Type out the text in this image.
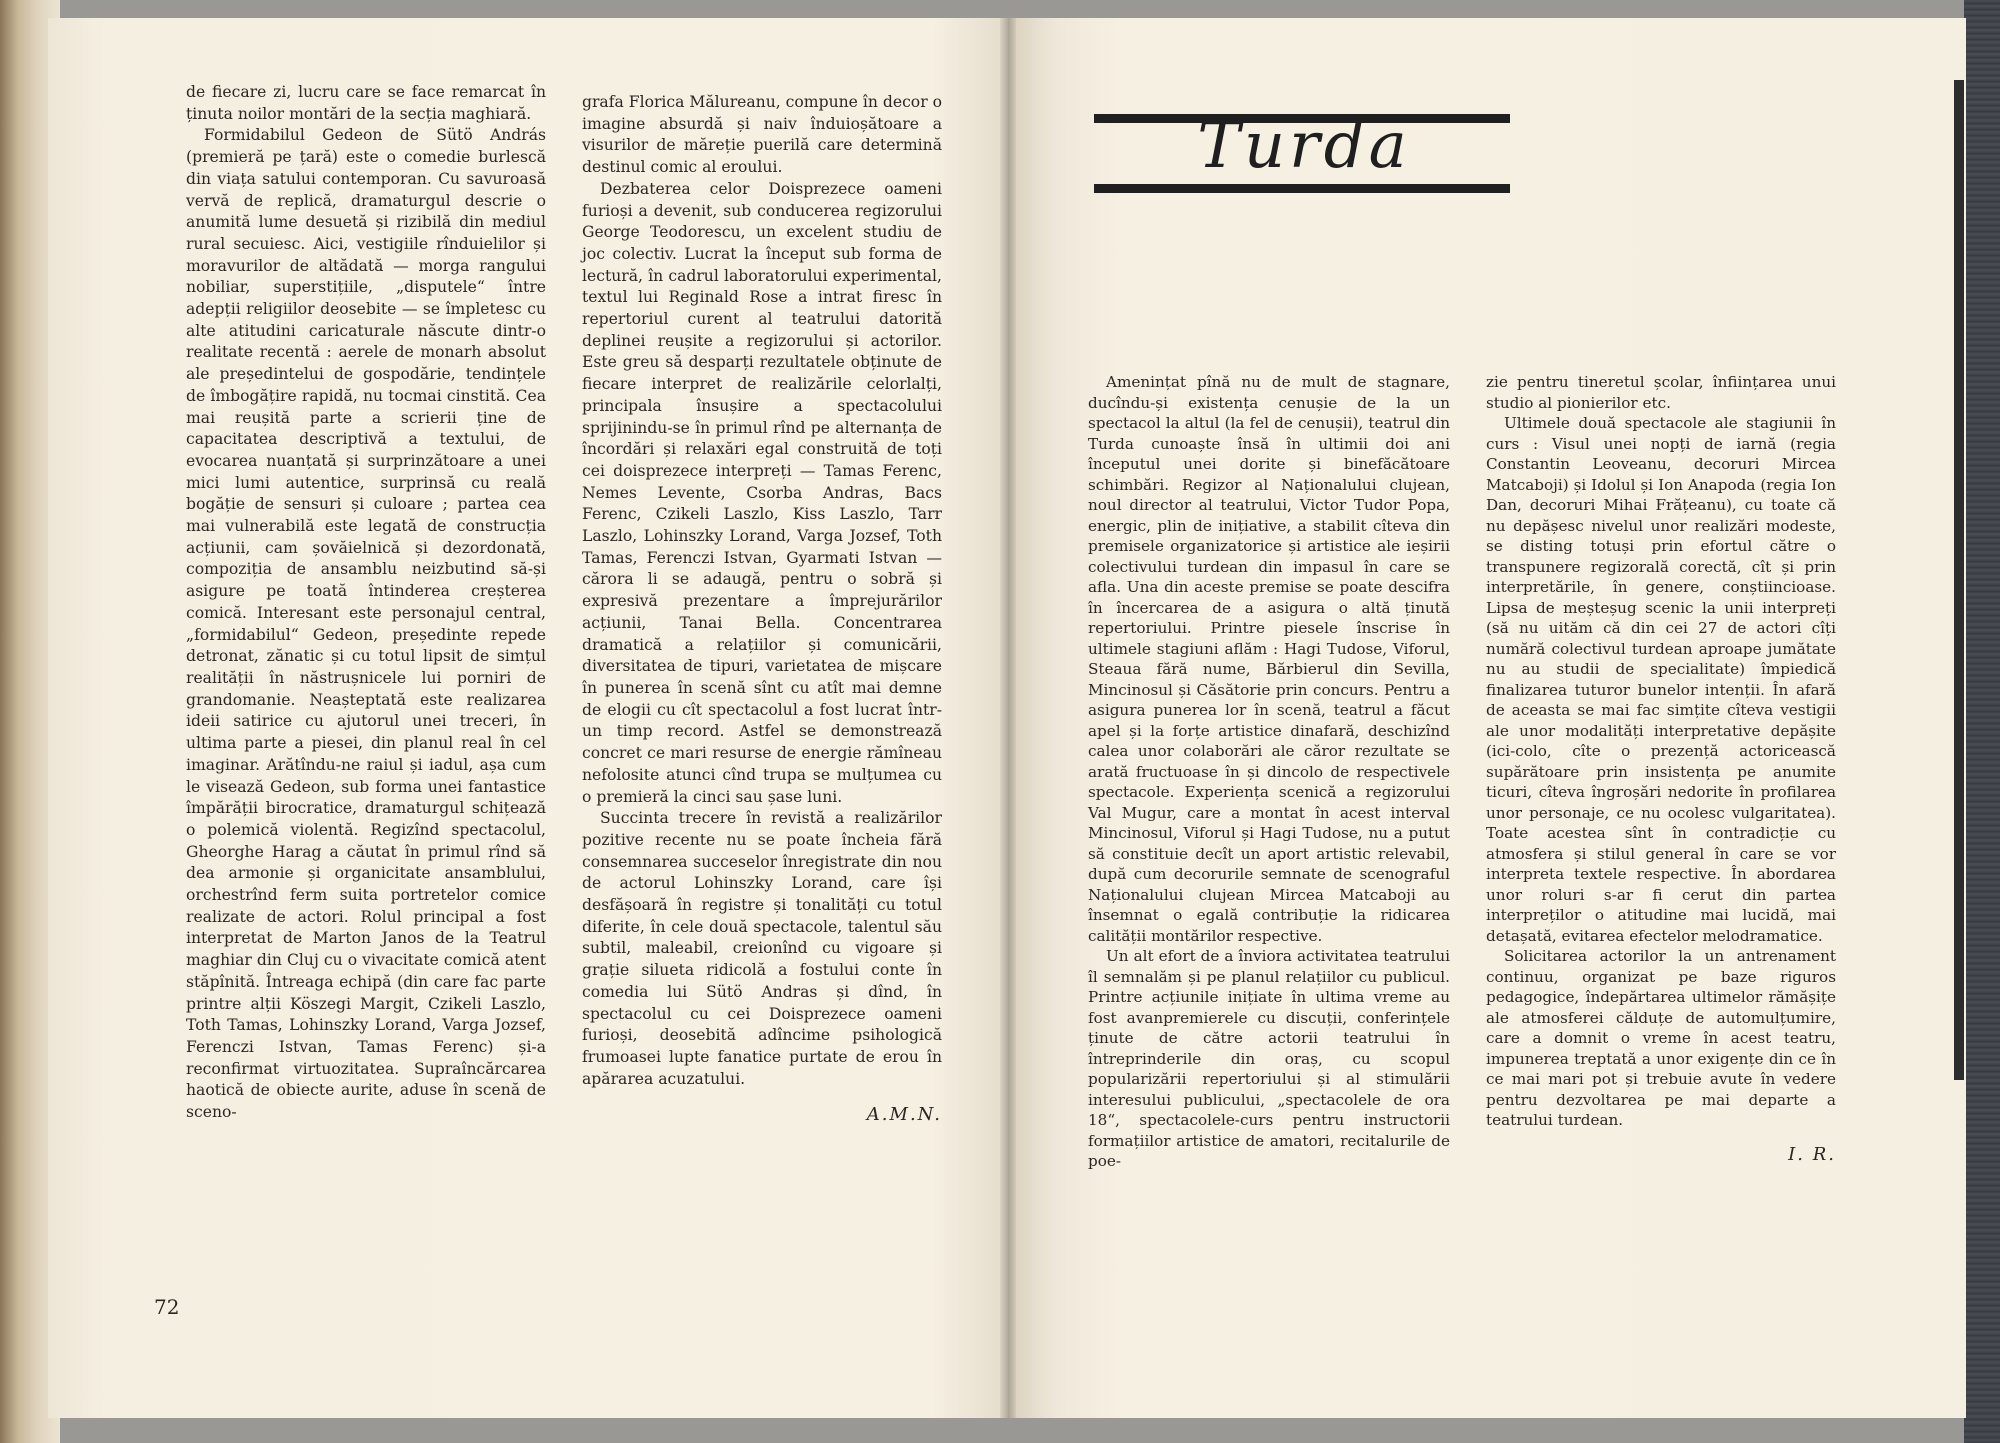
de fiecare zi, lucru care se face remarcat în ținuta noilor montări de la secția maghiară.

Formidabilul Gedeon de Sütö András (premieră pe țară) este o comedie burlescă din viața satului contemporan. Cu savuroasă vervă de replică, dramaturgul descrie o anumită lume desuetă și rizibilă din mediul rural secuiesc. Aici, vestigiile rînduielilor și moravurilor de altădată — morga rangului nobiliar, superstițiile, „disputele“ între adepții religiilor deosebite — se împletesc cu alte atitudini caricaturale născute dintr-o realitate recentă : aerele de monarh absolut ale președintelui de gospodărie, tendințele de îmbogățire rapidă, nu tocmai cinstită. Cea mai reușită parte a scrierii ține de capacitatea descriptivă a textului, de evocarea nuanțată și surprinzătoare a unei mici lumi autentice, surprinsă cu reală bogăție de sensuri și culoare ; partea cea mai vulnerabilă este legată de construcția acțiunii, cam șovăielnică și dezordonată, compoziția de ansamblu neizbutind să-și asigure pe toată întinderea creșterea comică. Interesant este personajul central, „formidabilul“ Gedeon, președinte repede detronat, zănatic și cu totul lipsit de simțul realității în năstrușnicele lui porniri de grandomanie. Neașteptată este realizarea ideii satirice cu ajutorul unei treceri, în ultima parte a piesei, din planul real în cel imaginar. Arătîndu-ne raiul și iadul, așa cum le visează Gedeon, sub forma unei fantastice împărății birocratice, dramaturgul schițează o polemică violentă. Regizînd spectacolul, Gheorghe Harag a căutat în primul rînd să dea armonie și organicitate ansamblului, orchestrînd ferm suita portretelor comice realizate de actori. Rolul principal a fost interpretat de Marton Janos de la Teatrul maghiar din Cluj cu o vivacitate comică atent stăpînită. Întreaga echipă (din care fac parte printre alții Köszegi Margit, Czikeli Laszlo, Toth Tamas, Lohinszky Lorand, Varga Jozsef, Ferenczi Istvan, Tamas Ferenc) și-a reconfirmat virtuozitatea. Supraîncărcarea haotică de obiecte aurite, aduse în scenă de sceno-

grafa Florica Mălureanu, compune în decor o imagine absurdă și naiv înduioșătoare a visurilor de măreție puerilă care determină destinul comic al eroului.

Dezbaterea celor Doisprezece oameni furioși a devenit, sub conducerea regizorului George Teodorescu, un excelent studiu de joc colectiv. Lucrat la început sub forma de lectură, în cadrul laboratorului experimental, textul lui Reginald Rose a intrat firesc în repertoriul curent al teatrului datorită deplinei reușite a regizorului și actorilor. Este greu să desparți rezultatele obținute de fiecare interpret de realizările celorlalți, principala însușire a spectacolului sprijinindu-se în primul rînd pe alternanța de încordări și relaxări egal construită de toți cei doisprezece interpreți — Tamas Ferenc, Nemes Levente, Csorba Andras, Bacs Ferenc, Czikeli Laszlo, Kiss Laszlo, Tarr Laszlo, Lohinszky Lorand, Varga Jozsef, Toth Tamas, Ferenczi Istvan, Gyarmati Istvan — cărora li se adaugă, pentru o sobră și expresivă prezentare a împrejurărilor acțiunii, Tanai Bella. Concentrarea dramatică a relațiilor și comunicării, diversitatea de tipuri, varietatea de mișcare în punerea în scenă sînt cu atît mai demne de elogii cu cît spectacolul a fost lucrat într-un timp record. Astfel se demonstrează concret ce mari resurse de energie rămîneau nefolosite atunci cînd trupa se mulțumea cu o premieră la cinci sau șase luni.

Succinta trecere în revistă a realizărilor pozitive recente nu se poate încheia fără consemnarea succeselor înregistrate din nou de actorul Lohinszky Lorand, care își desfășoară în registre și tonalități cu totul diferite, în cele două spectacole, talentul său subtil, maleabil, creionînd cu vigoare și grație silueta ridicolă a fostului conte în comedia lui Sütö Andras și dînd, în spectacolul cu cei Doisprezece oameni furioși, deosebită adîncime psihologică frumoasei lupte fanatice purtate de erou în apărarea acuzatului.

A.M.N.
72
Turda

Amenințat pînă nu de mult de stagnare, ducîndu-și existența cenușie de la un spectacol la altul (la fel de cenușii), teatrul din Turda cunoaște însă în ultimii doi ani începutul unei dorite și binefăcătoare schimbări. Regizor al Naționalului clujean, noul director al teatrului, Victor Tudor Popa, energic, plin de inițiative, a stabilit cîteva din premisele organizatorice și artistice ale ieșirii colectivului turdean din impasul în care se afla. Una din aceste premise se poate descifra în încercarea de a asigura o altă ținută repertoriului. Printre piesele înscrise în ultimele stagiuni aflăm : Hagi Tudose, Viforul, Steaua fără nume, Bărbierul din Sevilla, Mincinosul și Căsătorie prin concurs. Pentru a asigura punerea lor în scenă, teatrul a făcut apel și la forțe artistice dinafară, deschizînd calea unor colaborări ale căror rezultate se arată fructuoase în și dincolo de respectivele spectacole. Experiența scenică a regizorului Val Mugur, care a montat în acest interval Mincinosul, Viforul și Hagi Tudose, nu a putut să constituie decît un aport artistic relevabil, după cum decorurile semnate de scenograful Naționalului clujean Mircea Matcaboji au însemnat o egală contribuție la ridicarea calității montărilor respective.

Un alt efort de a înviora activitatea teatrului îl semnalăm și pe planul relațiilor cu publicul. Printre acțiunile inițiate în ultima vreme au fost avanpremierele cu discuții, conferințele ținute de către actorii teatrului în întreprinderile din oraș, cu scopul popularizării repertoriului și al stimulării interesului publicului, „spectacolele de ora 18“, spectacolele-curs pentru instructorii formațiilor artistice de amatori, recitalurile de poe-

zie pentru tineretul școlar, înființarea unui studio al pionierilor etc.

Ultimele două spectacole ale stagiunii în curs : Visul unei nopți de iarnă (regia Constantin Leoveanu, decoruri Mircea Matcaboji) și Idolul și Ion Anapoda (regia Ion Dan, decoruri Mihai Frățeanu), cu toate că nu depășesc nivelul unor realizări modeste, se disting totuși prin efortul către o transpunere regizorală corectă, cît și prin interpretările, în genere, conștiincioase. Lipsa de meșteșug scenic la unii interpreți (să nu uităm că din cei 27 de actori cîți numără colectivul turdean aproape jumătate nu au studii de specialitate) împiedică finalizarea tuturor bunelor intenții. În afară de aceasta se mai fac simțite cîteva vestigii ale unor modalități interpretative depășite (ici-colo, cîte o prezență actoricească supărătoare prin insistența pe anumite ticuri, cîteva îngroșări nedorite în profilarea unor personaje, ce nu ocolesc vulgaritatea). Toate acestea sînt în contradicție cu atmosfera și stilul general în care se vor interpreta textele respective. În abordarea unor roluri s-ar fi cerut din partea interpreților o atitudine mai lucidă, mai detașată, evitarea efectelor melodramatice.

Solicitarea actorilor la un antrenament continuu, organizat pe baze riguros pedagogice, îndepărtarea ultimelor rămășițe ale atmosferei călduțe de automulțumire, care a domnit o vreme în acest teatru, impunerea treptată a unor exigențe din ce în ce mai mari pot și trebuie avute în vedere pentru dezvoltarea pe mai departe a teatrului turdean.

I. R.
